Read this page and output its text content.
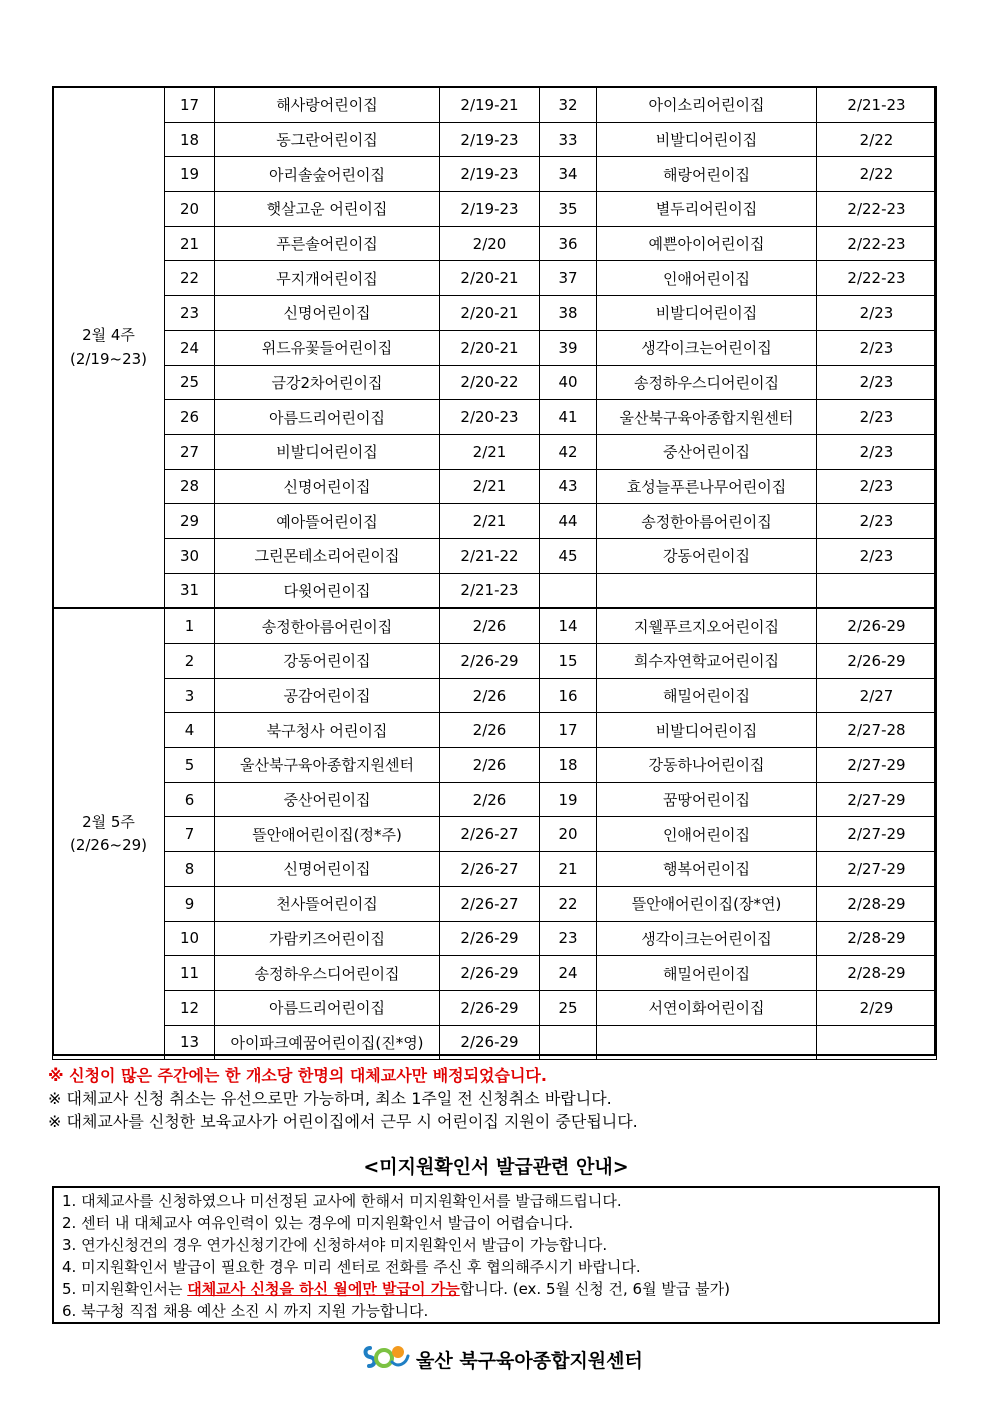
2월 4주
(2/19~23)	17	해사랑어린이집	2/19-21	32	아이소리어린이집	2/21-23
	18	동그란어린이집	2/19-23	33	비발디어린이집	2/22
	19	아리솔숲어린이집	2/19-23	34	해랑어린이집	2/22
	20	햇살고운 어린이집	2/19-23	35	별두리어린이집	2/22-23
	21	푸른솔어린이집	2/20	36	예쁜아이어린이집	2/22-23
	22	무지개어린이집	2/20-21	37	인애어린이집	2/22-23
	23	신명어린이집	2/20-21	38	비발디어린이집	2/23
	24	위드유꽃들어린이집	2/20-21	39	생각이크는어린이집	2/23
	25	금강2차어린이집	2/20-22	40	송정하우스디어린이집	2/23
	26	아름드리어린이집	2/20-23	41	울산북구육아종합지원센터	2/23
	27	비발디어린이집	2/21	42	중산어린이집	2/23
	28	신명어린이집	2/21	43	효성늘푸른나무어린이집	2/23
	29	예아뜰어린이집	2/21	44	송정한아름어린이집	2/23
	30	그린몬테소리어린이집	2/21-22	45	강동어린이집	2/23
	31	다윗어린이집	2/21-23			

2월 5주
(2/26~29)	1	송정한아름어린이집	2/26	14	지웰푸르지오어린이집	2/26-29
	2	강동어린이집	2/26-29	15	희수자연학교어린이집	2/26-29
	3	공감어린이집	2/26	16	해밀어린이집	2/27
	4	북구청사 어린이집	2/26	17	비발디어린이집	2/27-28
	5	울산북구육아종합지원센터	2/26	18	강동하나어린이집	2/27-29
	6	중산어린이집	2/26	19	꿈땅어린이집	2/27-29
	7	뜰안애어린이집(정*주)	2/26-27	20	인애어린이집	2/27-29
	8	신명어린이집	2/26-27	21	행복어린이집	2/27-29
	9	천사뜰어린이집	2/26-27	22	뜰안애어린이집(장*연)	2/28-29
	10	가람키즈어린이집	2/26-29	23	생각이크는어린이집	2/28-29
	11	송정하우스디어린이집	2/26-29	24	해밀어린이집	2/28-29
	12	아름드리어린이집	2/26-29	25	서연이화어린이집	2/29
	13	아이파크예꿈어린이집(진*영)	2/26-29			
※ 신청이 많은 주간에는 한 개소당 한명의 대체교사만 배정되었습니다.
※ 대체교사 신청 취소는 유선으로만 가능하며, 최소 1주일 전 신청취소 바랍니다.
※ 대체교사를 신청한 보육교사가 어린이집에서 근무 시 어린이집 지원이 중단됩니다.
<미지원확인서 발급관련 안내>
1. 대체교사를 신청하였으나 미선정된 교사에 한해서 미지원확인서를 발급해드립니다.
2. 센터 내 대체교사 여유인력이 있는 경우에 미지원확인서 발급이 어렵습니다.
3. 연가신청건의 경우 연가신청기간에 신청하셔야 미지원확인서 발급이 가능합니다.
4. 미지원확인서 발급이 필요한 경우 미리 센터로 전화를 주신 후 협의해주시기 바랍니다.
5. 미지원확인서는 대체교사 신청을 하신 월에만 발급이 가능합니다. (ex. 5월 신청 건, 6월 발급 불가)
6. 북구청 직접 채용 예산 소진 시 까지 지원 가능합니다.
울산 북구육아종합지원센터
